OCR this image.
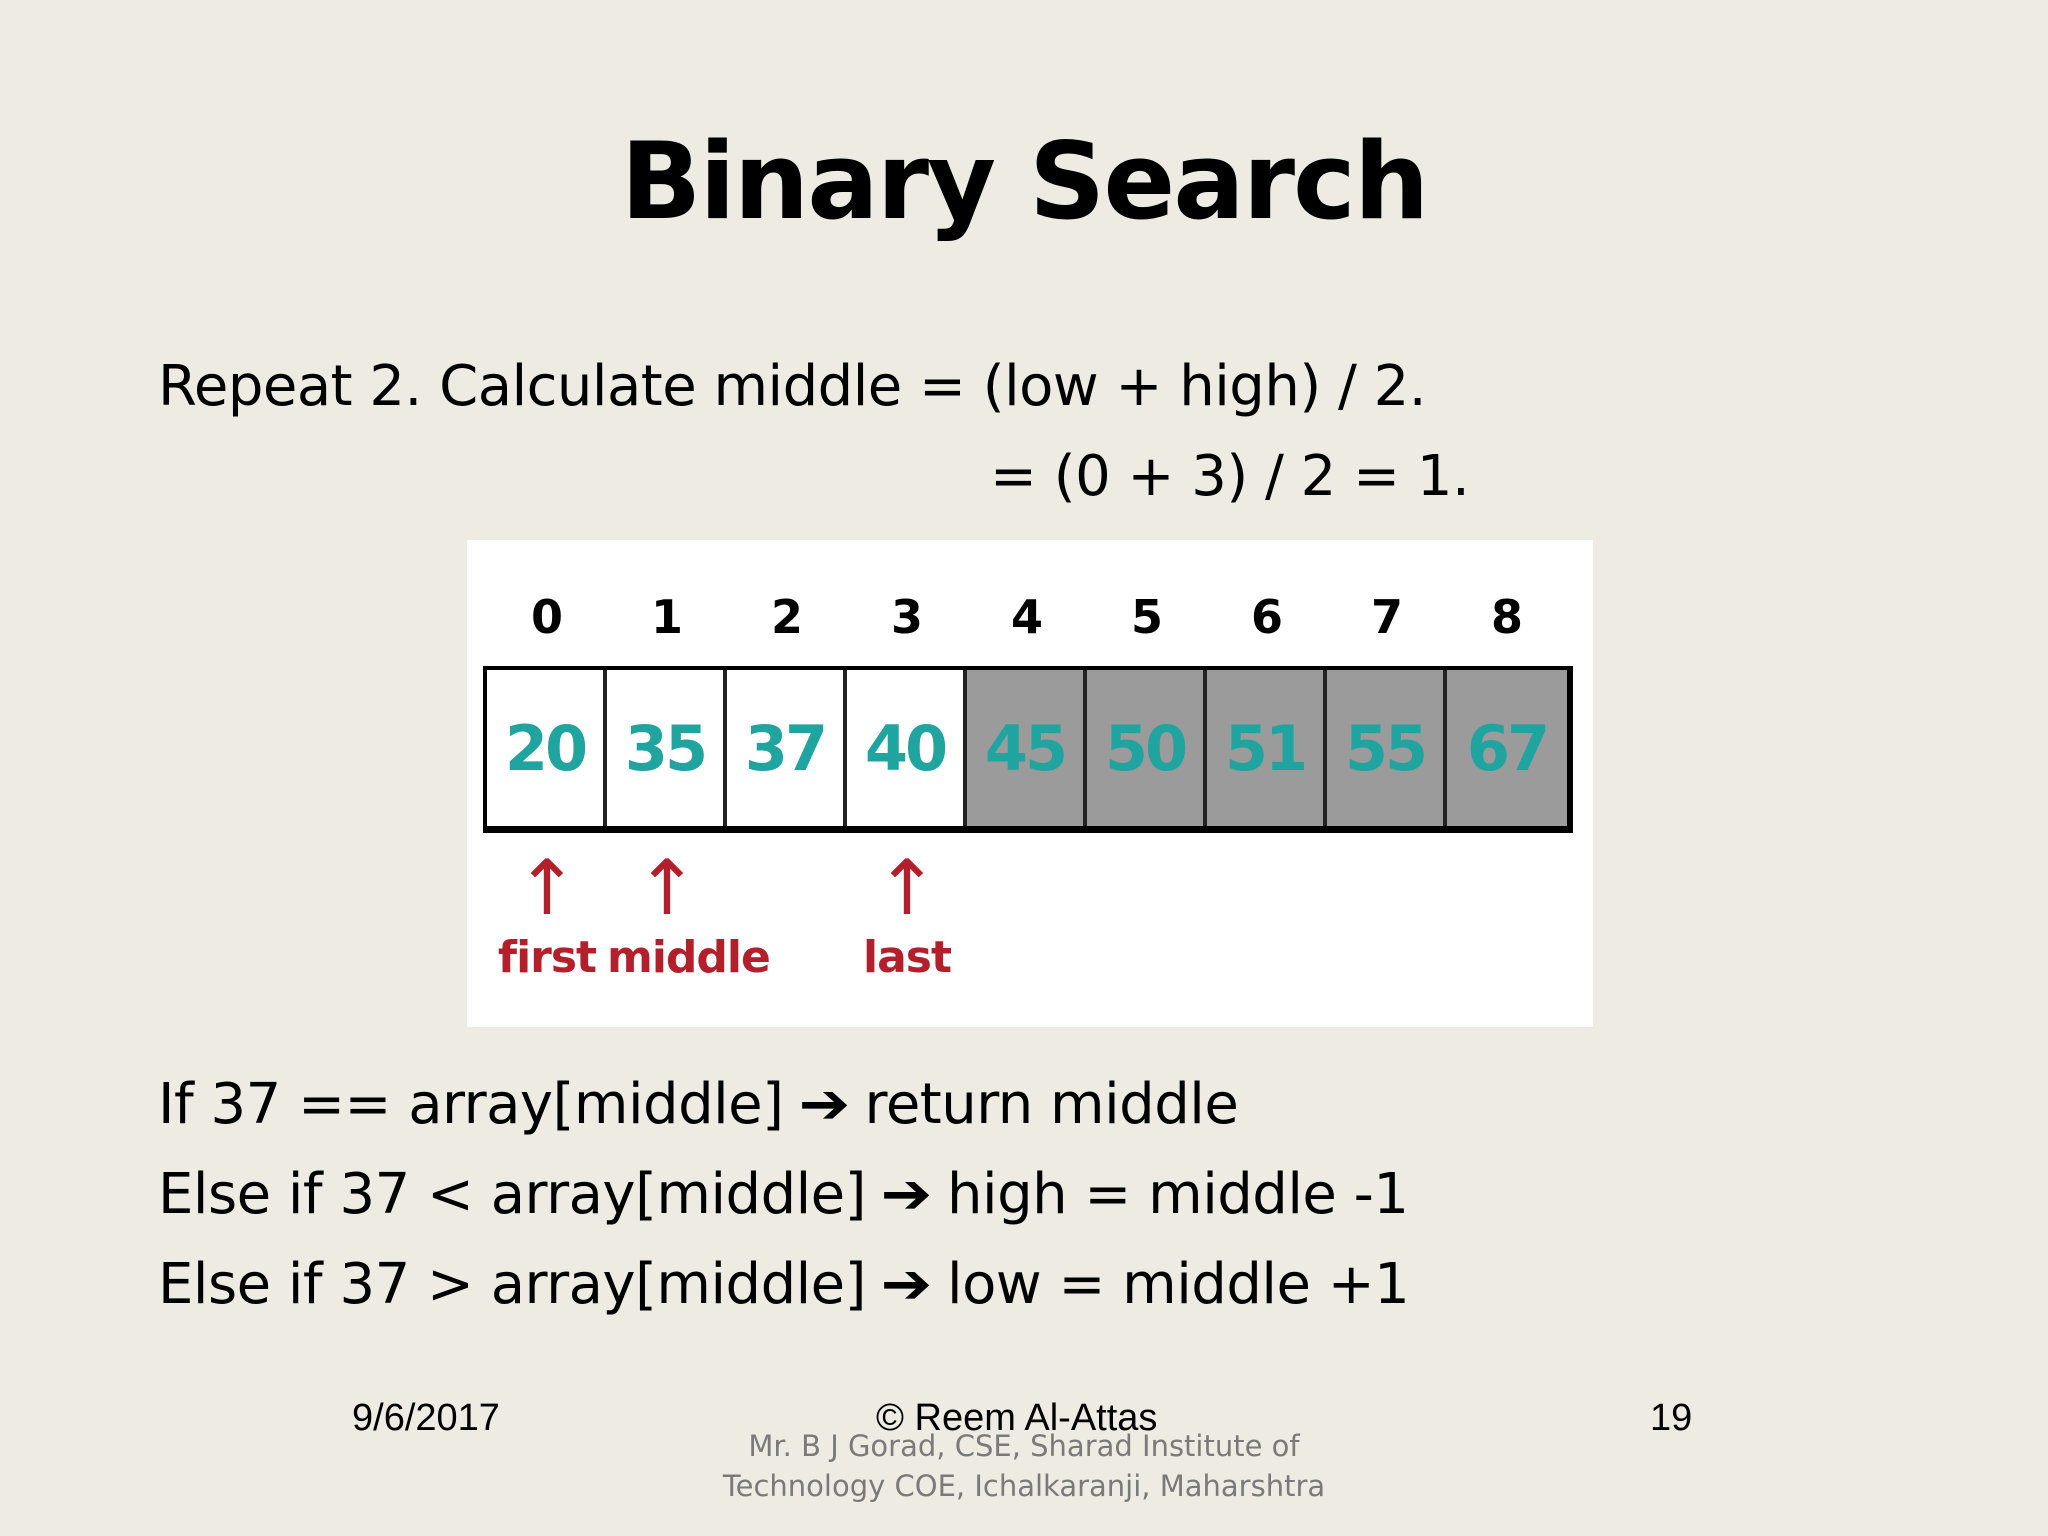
Binary Search
Repeat 2. Calculate middle = (low + high) / 2.
= (0 + 3) / 2 = 1.
0	1	2	3	4	5	6	7	8
20 35 37 40 45 50 51 55 67
↑
first
↑
middle
↑
last
If 37 == array[middle] ➔ return middle
Else if 37 < array[middle] ➔ high = middle -1
Else if 37 > array[middle] ➔ low = middle +1
9/6/2017	© Reem Al-Attas	19
Mr. B J Gorad, CSE, Sharad Institute of
Technology COE, Ichalkaranji, Maharshtra
